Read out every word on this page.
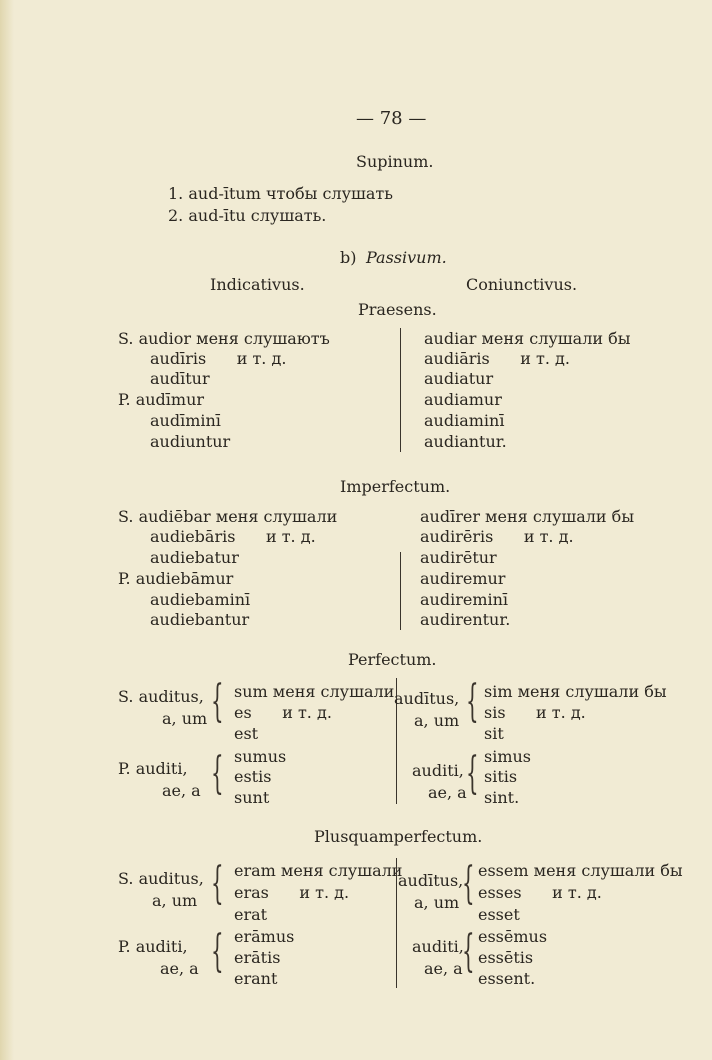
— 78 —
Supinum.
1. aud-ītum чтобы слушать
2. aud-ītu слушать.
b) Passivum.
Indicativus.	Coniunctivus.
Praesens.
S. audior меня слушаютъ
audīris      и т. д.
audītur
P. audīmur
audīminī
audiuntur
audiar меня слушали бы
audiāris      и т. д.
audiatur
audiamur
audiaminī
audiantur.
Imperfectum.
S. audiēbar меня слушали
audiebāris      и т. д.
audiebatur
P. audiebāmur
audiebaminī
audiebantur
audīrer меня слушали бы
audirēris      и т. д.
audirētur
audiremur
audireminī
audirentur.
Perfectum.
S. auditus,
a, um { sum меня слушали
es      и т. д.
est
P. auditi,
ae, a { sumus
estis
sunt
audītus,
a, um { sim меня слушали бы
sis      и т. д.
sit
auditi,
ae, a { simus
sitis
sint.
Plusquamperfectum.
S. auditus,
a, um { eram меня слушали
eras      и т. д.
erat
P. auditi,
ae, a { erāmus
erātis
erant
audītus,
a, um { essem меня слушали бы
esses      и т. д.
esset
auditi,
ae, a { essēmus
essētis
essent.
